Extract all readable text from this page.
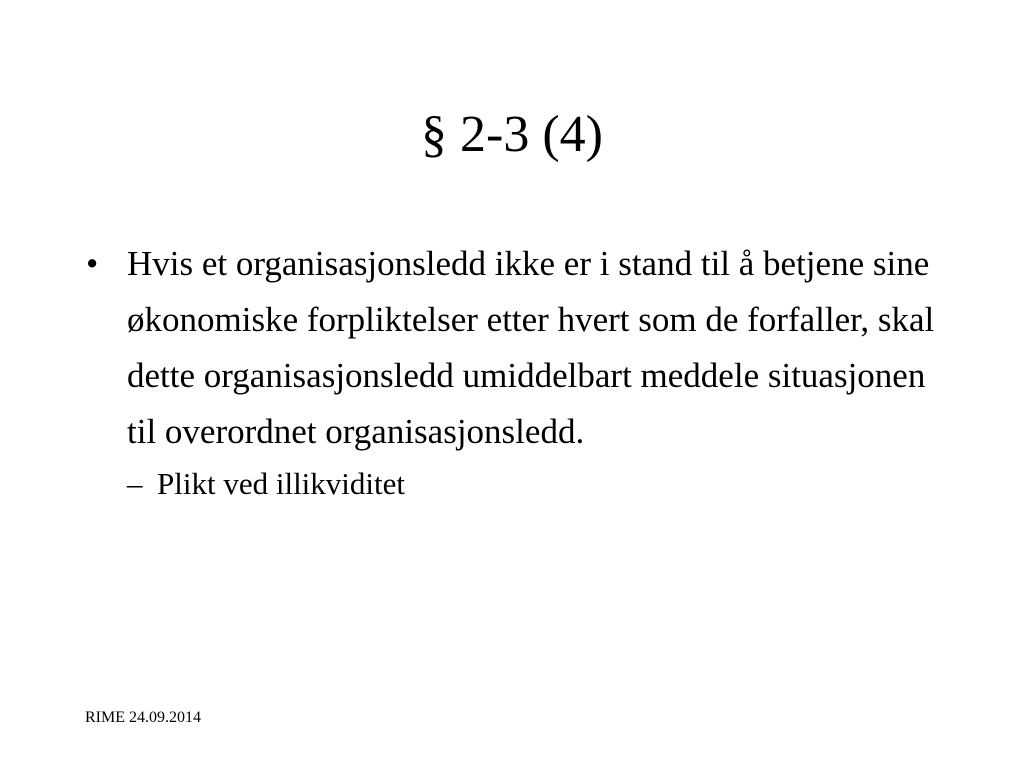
§ 2-3 (4)
• Hvis et organisasjonsledd ikke er i stand til å betjene sine økonomiske forpliktelser etter hvert som de forfaller, skal dette organisasjonsledd umiddelbart meddele situasjonen til overordnet organisasjonsledd.
– Plikt ved illikviditet
RIME 24.09.2014
